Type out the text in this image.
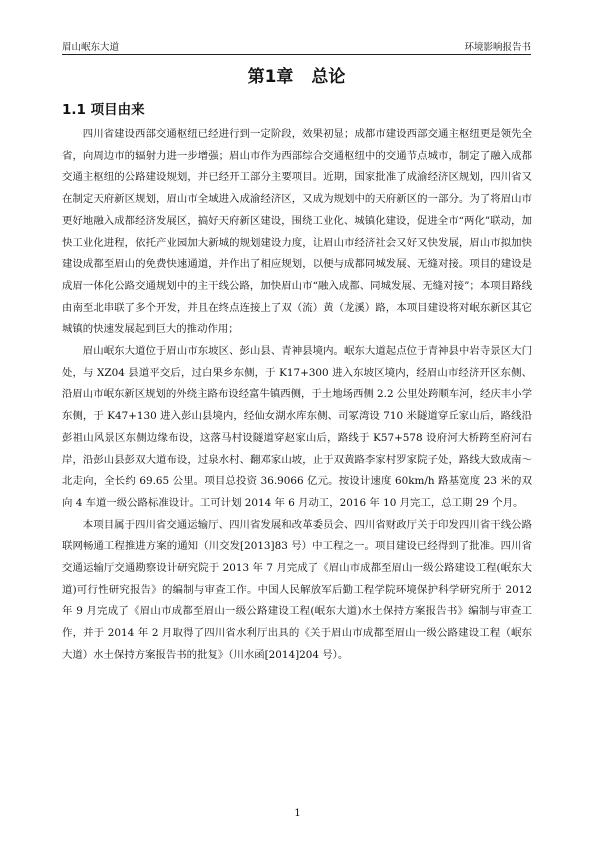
眉山岷东大道	环境影响报告书
第1章 总论
1.1 项目由来

四川省建设西部交通枢纽已经进行到一定阶段，效果初显；成都市建设西部交通主枢纽更是领先全省，向周边市的辐射力进一步增强；眉山市作为西部综合交通枢纽中的交通节点城市，制定了融入成都交通主枢纽的公路建设规划，并已经开工部分主要项目。近期，国家批准了成渝经济区规划，四川省又在制定天府新区规划，眉山市全域进入成渝经济区，又成为规划中的天府新区的一部分。为了将眉山市更好地融入成都经济发展区，搞好天府新区建设，围绕工业化、城镇化建设，促进全市“两化”联动，加快工业化进程，依托产业园加大新城的规划建设力度，让眉山市经济社会又好又快发展，眉山市拟加快建设成都至眉山的免费快速通道，并作出了相应规划，以便与成都同城发展、无缝对接。项目的建设是成眉一体化公路交通规划中的主干线公路，加快眉山市“融入成都、同城发展、无缝对接”；本项目路线由南至北串联了多个开发，并且在终点连接上了双（流）黄（龙溪）路，本项目建设将对岷东新区其它城镇的快速发展起到巨大的推动作用；

眉山岷东大道位于眉山市东坡区、彭山县、青神县境内。岷东大道起点位于青神县中岩寺景区大门处，与 XZ04 县道平交后，过白果乡东侧，于 K17+300 进入东坡区境内，经眉山市经济开区东侧、沿眉山市岷东新区规划的外绕主路布设经富牛镇西侧，于土地场西侧 2.2 公里处跨顺车河，经庆丰小学东侧，于 K47+130 进入彭山县境内，经仙女湖水库东侧、司冢湾设 710 米隧道穿丘家山后，路线沿彭祖山风景区东侧边缘布设，这落马村设隧道穿赵家山后，路线于 K57+578 设府河大桥跨至府河右岸，沿彭山县彭双大道布设，过泉水村、翻邓家山坡，止于双黄路李家村罗家院子处，路线大致成南～北走向，全长约 69.65 公里。项目总投资 36.9066 亿元。按设计速度 60km/h 路基宽度 23 米的双向 4 车道一级公路标准设计。工可计划 2014 年 6 月动工，2016 年 10 月完工，总工期 29 个月。

本项目属于四川省交通运输厅、四川省发展和改革委员会、四川省财政厅关于印发四川省干线公路联网畅通工程推进方案的通知（川交发[2013]83 号）中工程之一。项目建设已经得到了批准。四川省交通运输厅交通勘察设计研究院于 2013 年 7 月完成了《眉山市成都至眉山一级公路建设工程(岷东大道)可行性研究报告》的编制与审查工作。中国人民解放军后勤工程学院环境保护科学研究所于 2012 年 9 月完成了《眉山市成都至眉山一级公路建设工程(岷东大道)水土保持方案报告书》编制与审查工作，并于 2014 年 2 月取得了四川省水利厅出具的《关于眉山市成都至眉山一级公路建设工程（岷东大道）水土保持方案报告书的批复》（川水函[2014]204 号）。

1
